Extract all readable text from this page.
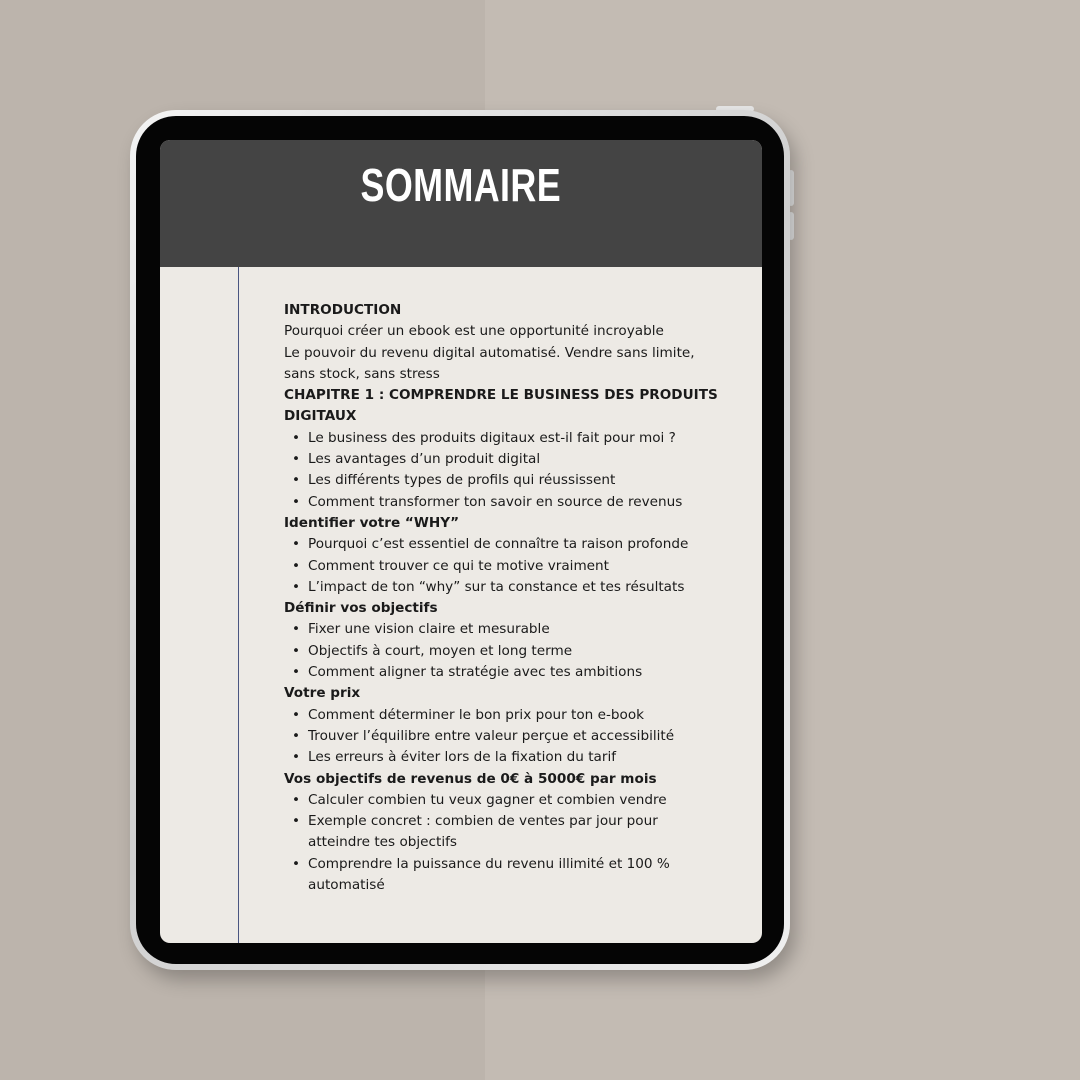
SOMMAIRE

INTRODUCTION

Pourquoi créer un ebook est une opportunité incroyable

Le pouvoir du revenu digital automatisé. Vendre sans limite, sans stock, sans stress

CHAPITRE 1 : COMPRENDRE LE BUSINESS DES PRODUITS DIGITAUX

• Le business des produits digitaux est-il fait pour moi ?
• Les avantages d’un produit digital
• Les différents types de profils qui réussissent
• Comment transformer ton savoir en source de revenus

Identifier votre “WHY”

• Pourquoi c’est essentiel de connaître ta raison profonde
• Comment trouver ce qui te motive vraiment
• L’impact de ton “why” sur ta constance et tes résultats

Définir vos objectifs

• Fixer une vision claire et mesurable
• Objectifs à court, moyen et long terme
• Comment aligner ta stratégie avec tes ambitions

Votre prix

• Comment déterminer le bon prix pour ton e-book
• Trouver l’équilibre entre valeur perçue et accessibilité
• Les erreurs à éviter lors de la fixation du tarif

Vos objectifs de revenus de 0€ à 5000€ par mois

• Calculer combien tu veux gagner et combien vendre
• Exemple concret : combien de ventes par jour pour atteindre tes objectifs
• Comprendre la puissance du revenu illimité et 100 % automatisé
